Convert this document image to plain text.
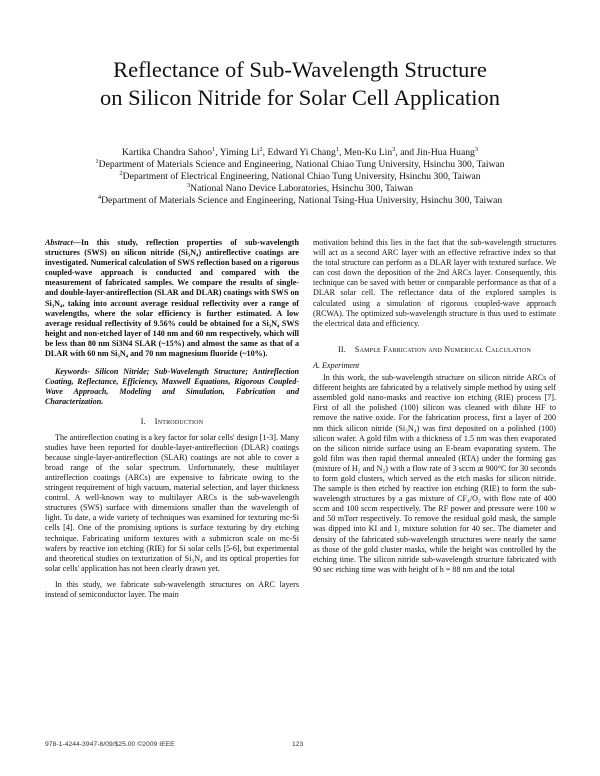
Reflectance of Sub-Wavelength Structure
on Silicon Nitride for Solar Cell Application
Kartika Chandra Sahoo$^1$, Yiming Li$^2$, Edward Yi Chang$^1$, Men-Ku Lin$^3$, and Jin-Hua Huang$^3$
$^1$Department of Materials Science and Engineering, National Chiao Tung University, Hsinchu 300, Taiwan
$^2$Department of Electrical Engineering, National Chiao Tung University, Hsinchu 300, Taiwan
$^3$National Nano Device Laboratories, Hsinchu 300, Taiwan
$^4$Department of Materials Science and Engineering, National Tsing-Hua University, Hsinchu 300, Taiwan

Abstract—In this study, reflection properties of sub-wavelength structures (SWS) on silicon nitride (Si₃N₄) antireflective coatings are investigated. Numerical calculation of SWS reflection based on a rigorous coupled-wave approach is conducted and compared with the measurement of fabricated samples. We compare the results of single- and double-layer-antireflection (SLAR and DLAR) coatings with SWS on Si₃N₄, taking into account average residual reflectivity over a range of wavelengths, where the solar efficiency is further estimated. A low average residual reflectivity of 9.56% could be obtained for a Si₃N₄ SWS height and non-etched layer of 140 nm and 60 nm respectively, which will be less than 80 nm Si3N4 SLAR (~15%) and almost the same as that of a DLAR with 60 nm Si₃N₄ and 70 nm magnesium fluoride (~10%).

Keywords- Silicon Nitride; Sub-Wavelength Structure; Antireflection Coating, Reflectance, Efficiency, Maxwell Equations, Rigorous Coupled-Wave Approach, Modeling and Simulation, Fabrication and Characterization.

I. Introduction

The antireflection coating is a key factor for solar cells' design [1-3]. Many studies have been reported for double-layer-antireflection (DLAR) coatings because single-layer-antireflection (SLAR) coatings are not able to cover a broad range of the solar spectrum. Unfortunately, these multilayer antireflection coatings (ARCs) are expensive to fabricate owing to the stringent requirement of high vacuum, material selection, and layer thickness control. A well-known way to multilayer ARCs is the sub-wavelength structures (SWS) surface with dimensions smaller than the wavelength of light. To date, a wide variety of techniques was examined for texturing mc-Si cells [4]. One of the promising options is surface texturing by dry etching technique. Fabricating uniform textures with a submicron scale on mc-Si wafers by reactive ion etching (RIE) for Si solar cells [5-6], but experimental and theoretical studies on texturization of Si₃N₄ and its optical properties for solar cells' application has not been clearly drawn yet.

In this study, we fabricate sub-wavelength structures on ARC layers instead of semiconductor layer. The main

motivation behind this lies in the fact that the sub-wavelength structures will act as a second ARC layer with an effective refractive index so that the total structure can perform as a DLAR layer with textured surface. We can cost down the deposition of the 2nd ARCs layer. Consequently, this technique can be saved with better or comparable performance as that of a DLAR solar cell. The reflectance data of the explored samples is calculated using a simulation of rigorous coupled-wave approach (RCWA). The optimized sub-wavelength structure is thus used to estimate the electrical data and efficiency.

II. Sample Fabrication and Numerical Calculation

A. Experiment

In this work, the sub-wavelength structure on silicon nitride ARCs of different heights are fabricated by a relatively simple method by using self assembled gold nano-masks and reactive ion etching (RIE) process [7]. First of all the polished (100) silicon was cleaned with dilute HF to remove the native oxide. For the fabrication process, first a layer of 200 nm thick silicon nitride (Si₃N₄) was first deposited on a polished (100) silicon wafer. A gold film with a thickness of 1.5 nm was then evaporated on the silicon nitride surface using an E-beam evaporating system. The gold film was then rapid thermal annealed (RTA) under the forming gas (mixture of H₂ and N₂) with a flow rate of 3 sccm at 900°C for 30 seconds to form gold clusters, which served as the etch masks for silicon nitride. The sample is then etched by reactive ion etching (RIE) to form the sub-wavelength structures by a gas mixture of CF₄/O₂ with flow rate of 400 sccm and 100 sccm respectively. The RF power and pressure were 100 w and 50 mTorr respectively. To remove the residual gold mask, the sample was dipped into KI and I₂ mixture solution for 40 sec. The diameter and density of the fabricated sub-wavelength structures were nearly the same as those of the gold cluster masks, while the height was controlled by the etching time. The silicon nitride sub-wavelength structure fabricated with 90 sec etching time was with height of h = 88 nm and the total

978-1-4244-3947-8/09/$25.00 ©2009 IEEE	123
